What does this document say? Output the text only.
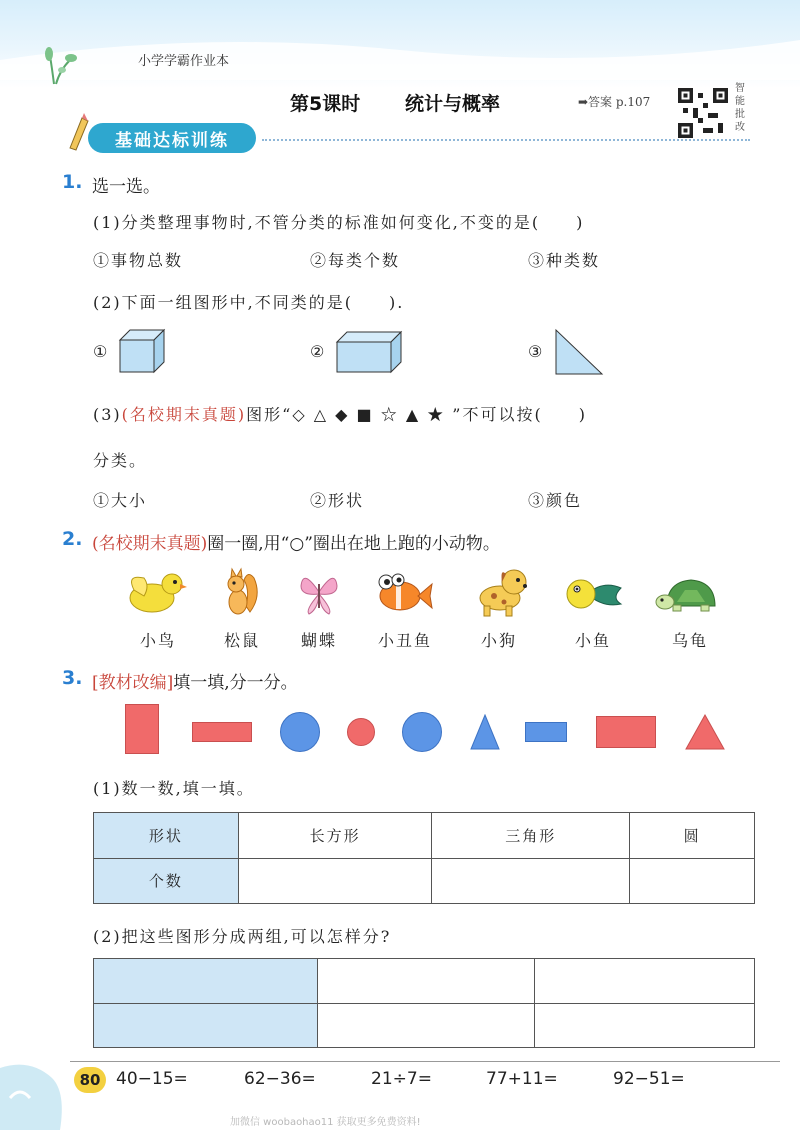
小学学霸作业本
第5课时 统计与概率	➡答案 p.107
智能批改
基础达标训练
1. 选一选。
(1)分类整理事物时,不管分类的标准如何变化,不变的是(　　)
①事物总数	②每类个数	③种类数
(2)下面一组图形中,不同类的是(　　).
①	②	③
(3)(名校期末真题)图形“◇ △ ◆ ■ ☆ ▲ ★ ”不可以按(　　)
分类。
①大小	②形状	③颜色
2. (名校期末真题)圈一圈,用“○”圈出在地上跑的小动物。
小鸟	松鼠	蝴蝶	小丑鱼	小狗	小鱼	乌龟
3. [教材改编]填一填,分一分。
(1)数一数,填一填。
形状	长方形	三角形	圆
个数			
(2)把这些图形分成两组,可以怎样分?

80 40−15=	62−36=	21÷7=	77+11=	92−51=
加微信 woobaohao11 获取更多免费资料!
